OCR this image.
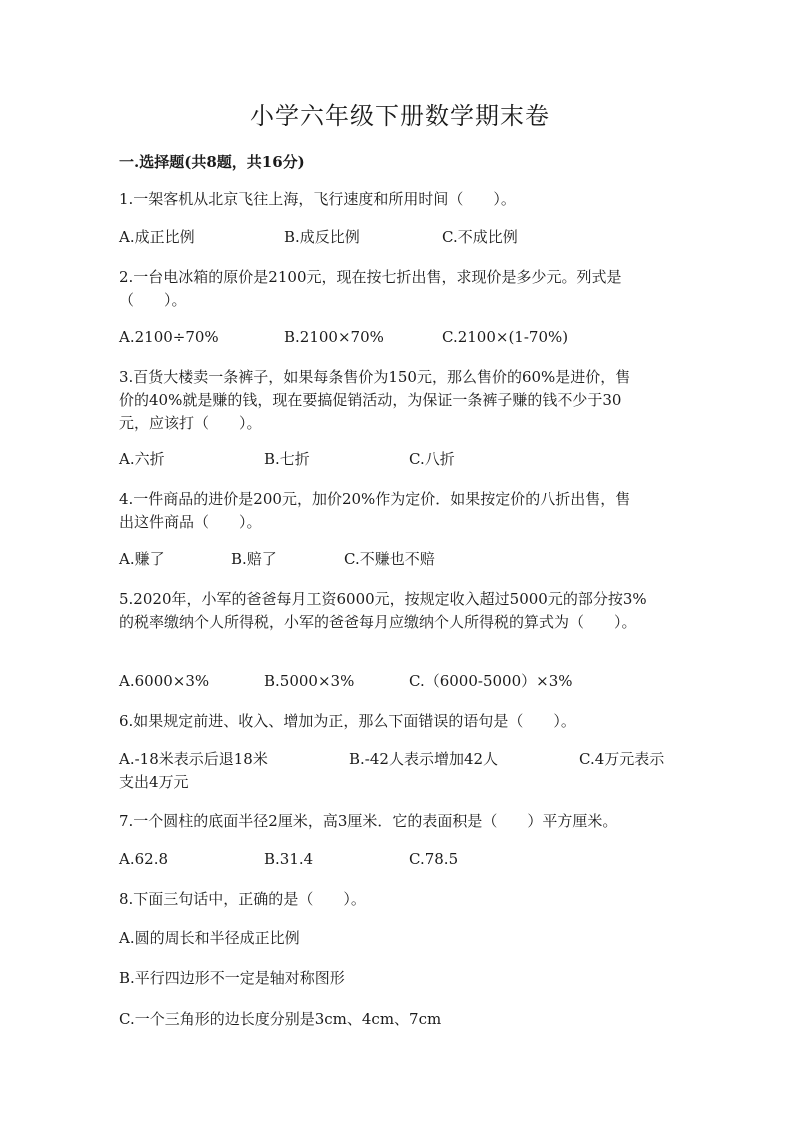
小学六年级下册数学期末卷
一.选择题(共8题，共16分)
1.一架客机从北京飞往上海，飞行速度和所用时间（　　）。
A.成正比例	B.成反比例	C.不成比例
2.一台电冰箱的原价是2100元，现在按七折出售，求现价是多少元。列式是
（　　）。
A.2100÷70%	B.2100×70%	C.2100×(1-70%)
3.百货大楼卖一条裤子，如果每条售价为150元，那么售价的60%是进价，售
价的40%就是赚的钱，现在要搞促销活动，为保证一条裤子赚的钱不少于30
元，应该打（　　）。
A.六折	B.七折	C.八折
4.一件商品的进价是200元，加价20%作为定价．如果按定价的八折出售，售
出这件商品（　　）。
A.赚了	B.赔了	C.不赚也不赔
5.2020年，小军的爸爸每月工资6000元，按规定收入超过5000元的部分按3%
的税率缴纳个人所得税，小军的爸爸每月应缴纳个人所得税的算式为（　　）。
A.6000×3%	B.5000×3%	C.（6000-5000）×3%
6.如果规定前进、收入、增加为正，那么下面错误的语句是（　　）。
A.-18米表示后退18米	B.-42人表示增加42人	C.4万元表示
支出4万元
7.一个圆柱的底面半径2厘米，高3厘米．它的表面积是（　　）平方厘米。
A.62.8	B.31.4	C.78.5
8.下面三句话中，正确的是（　　）。
A.圆的周长和半径成正比例
B.平行四边形不一定是轴对称图形
C.一个三角形的边长度分别是3cm、4cm、7cm
